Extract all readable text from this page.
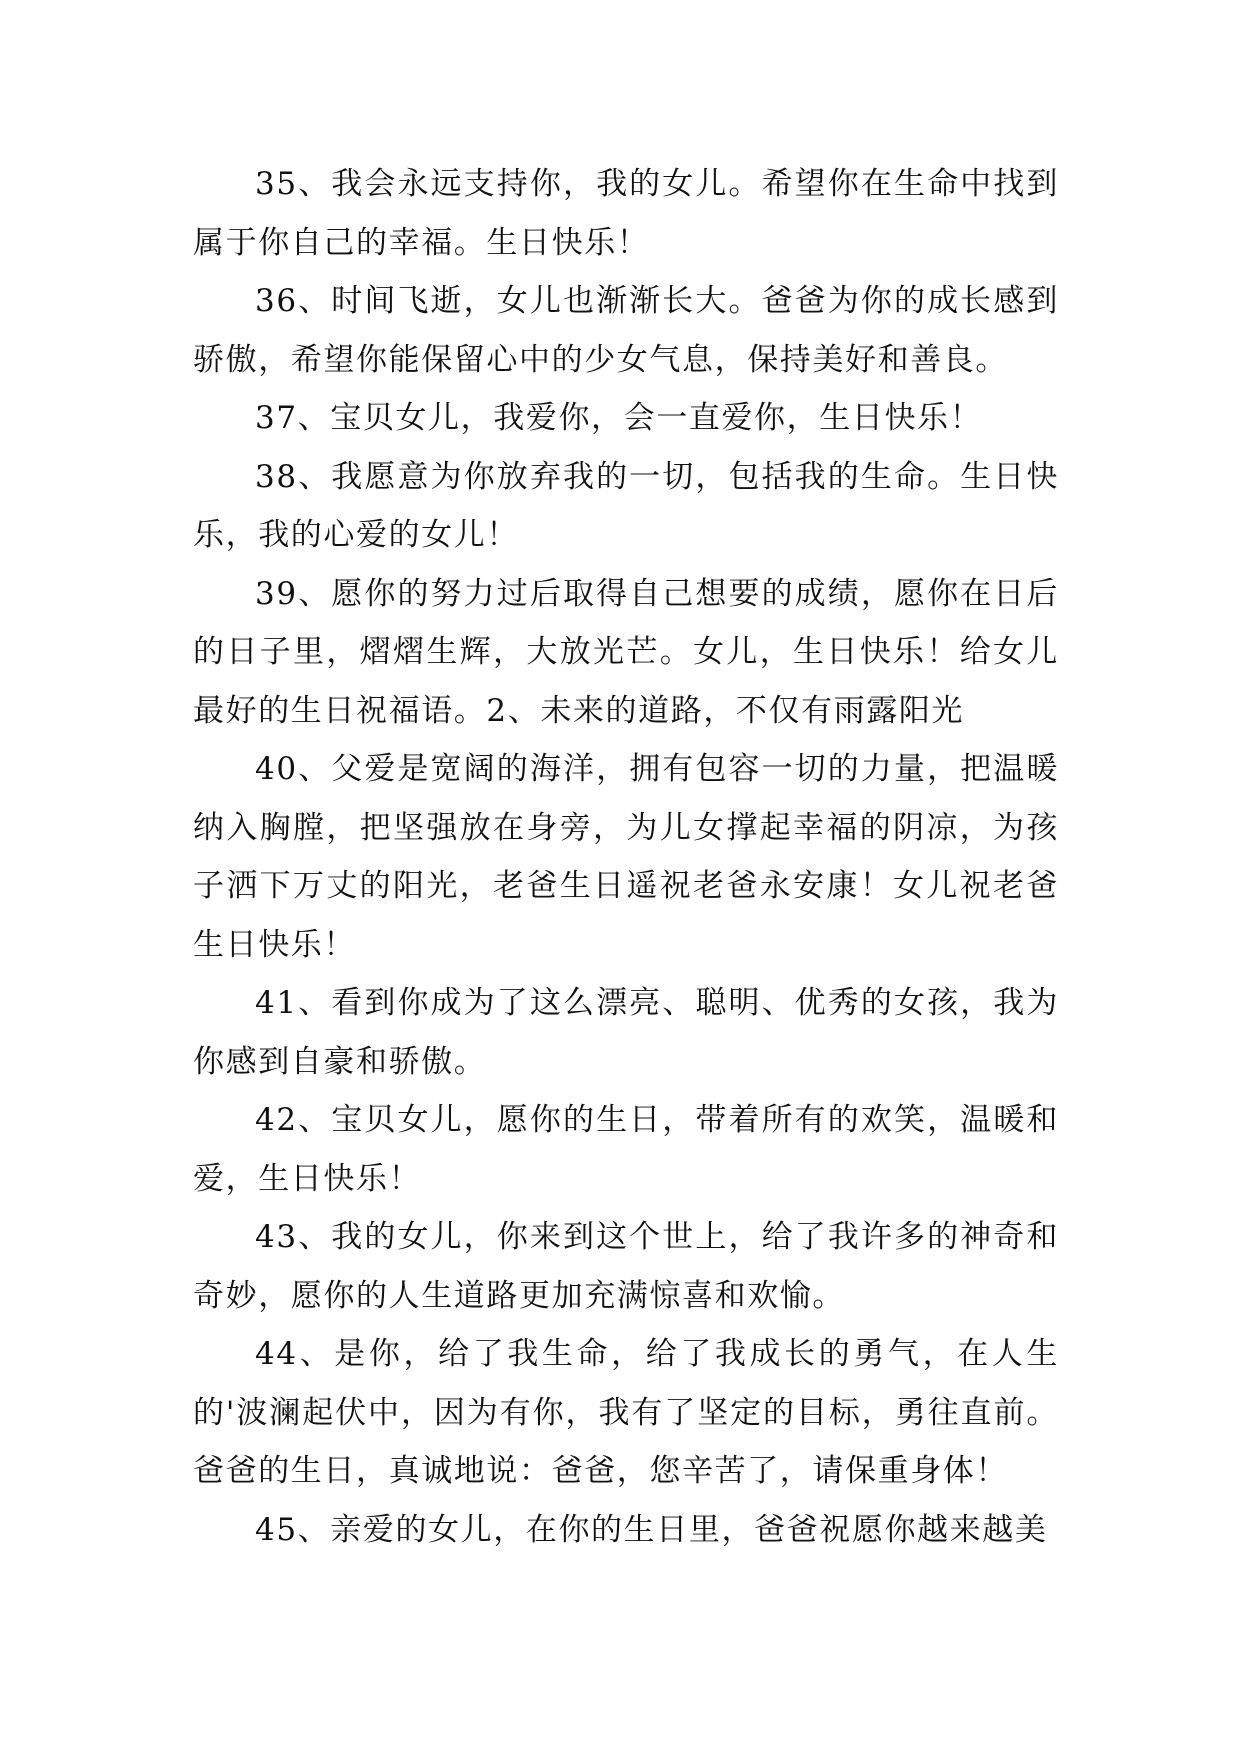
35、我会永远支持你，我的女儿。希望你在生命中找到属于你自己的幸福。生日快乐！

36、时间飞逝，女儿也渐渐长大。爸爸为你的成长感到骄傲，希望你能保留心中的少女气息，保持美好和善良。

37、宝贝女儿，我爱你，会一直爱你，生日快乐！

38、我愿意为你放弃我的一切，包括我的生命。生日快乐，我的心爱的女儿！

39、愿你的努力过后取得自己想要的成绩，愿你在日后的日子里，熠熠生辉，大放光芒。女儿，生日快乐！给女儿最好的生日祝福语。2、未来的道路，不仅有雨露阳光

40、父爱是宽阔的海洋，拥有包容一切的力量，把温暖纳入胸膛，把坚强放在身旁，为儿女撑起幸福的阴凉，为孩子洒下万丈的阳光，老爸生日遥祝老爸永安康！女儿祝老爸生日快乐！

41、看到你成为了这么漂亮、聪明、优秀的女孩，我为你感到自豪和骄傲。

42、宝贝女儿，愿你的生日，带着所有的欢笑，温暖和爱，生日快乐！

43、我的女儿，你来到这个世上，给了我许多的神奇和奇妙，愿你的人生道路更加充满惊喜和欢愉。

44、是你，给了我生命，给了我成长的勇气，在人生的'波澜起伏中，因为有你，我有了坚定的目标，勇往直前。爸爸的生日，真诚地说：爸爸，您辛苦了，请保重身体！

45、亲爱的女儿，在你的生日里，爸爸祝愿你越来越美
